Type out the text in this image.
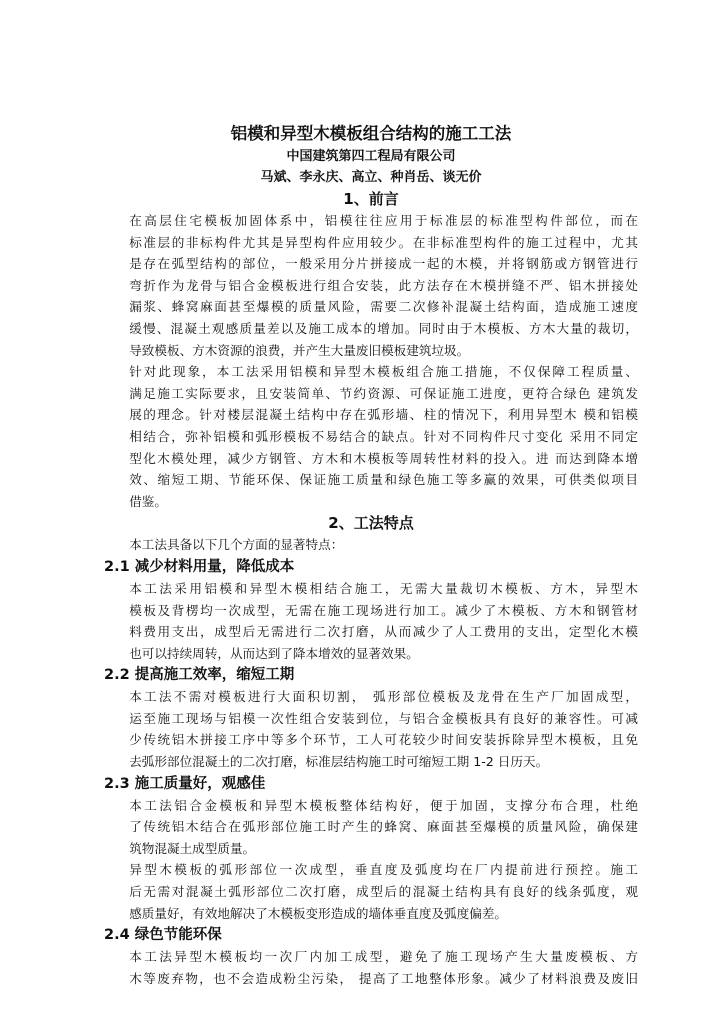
铝模和异型木模板组合结构的施工工法

中国建筑第四工程局有限公司

马斌、李永庆、高立、种肖岳、谈无价

1、前言

在高层住宅模板加固体系中，铝模往往应用于标准层的标准型构件部位，而在
标准层的非标构件尤其是异型构件应用较少。在非标准型构件的施工过程中，尤其
是存在弧型结构的部位，一般采用分片拼接成一起的木模，并将钢筋或方钢管进行
弯折作为龙骨与铝合金模板进行组合安装，此方法存在木模拼缝不严、铝木拼接处
漏浆、蜂窝麻面甚至爆模的质量风险，需要二次修补混凝土结构面，造成施工速度
缓慢、混凝土观感质量差以及施工成本的增加。同时由于木模板、方木大量的裁切，
导致模板、方木资源的浪费，并产生大量废旧模板建筑垃圾。

针对此现象，本工法采用铝模和异型木模板组合施工措施，不仅保障工程质量、
满足施工实际要求，且安装简单、节约资源、可保证施工进度，更符合绿色 建筑发
展的理念。针对楼层混凝土结构中存在弧形墙、柱的情况下，利用异型木 模和铝模
相结合，弥补铝模和弧形模板不易结合的缺点。针对不同构件尺寸变化 采用不同定
型化木模处理，减少方钢管、方木和木模板等周转性材料的投入。进 而达到降本增
效、缩短工期、节能环保、保证施工质量和绿色施工等多赢的效果，可供类似项目
借鉴。

2、工法特点

本工法具备以下几个方面的显著特点：

2.1 减少材料用量，降低成本

本工法采用铝模和异型木模相结合施工，无需大量裁切木模板、方木，异型木
模板及背楞均一次成型，无需在施工现场进行加工。减少了木模板、方木和钢管材
料费用支出，成型后无需进行二次打磨，从而减少了人工费用的支出，定型化木模
也可以持续周转，从而达到了降本增效的显著效果。

2.2 提高施工效率，缩短工期

本工法不需对模板进行大面积切割， 弧形部位模板及龙骨在生产厂加固成型，
运至施工现场与铝模一次性组合安装到位，与铝合金模板具有良好的兼容性。可减
少传统铝木拼接工序中等多个环节，工人可花较少时间安装拆除异型木模板，且免
去弧形部位混凝土的二次打磨，标准层结构施工时可缩短工期 1-2 日历天。

2.3 施工质量好，观感佳

本工法铝合金模板和异型木模板整体结构好，便于加固，支撑分布合理，杜绝
了传统铝木结合在弧形部位施工时产生的蜂窝、麻面甚至爆模的质量风险，确保建
筑物混凝土成型质量。

异型木模板的弧形部位一次成型，垂直度及弧度均在厂内提前进行预控。施工
后无需对混凝土弧形部位二次打磨，成型后的混凝土结构具有良好的线条弧度，观
感质量好，有效地解决了木模板变形造成的墙体垂直度及弧度偏差。

2.4 绿色节能环保

本工法异型木模板均一次厂内加工成型，避免了施工现场产生大量废模板、方
木等废弃物，也不会造成粉尘污染， 提高了工地整体形象。减少了材料浪费及废旧
